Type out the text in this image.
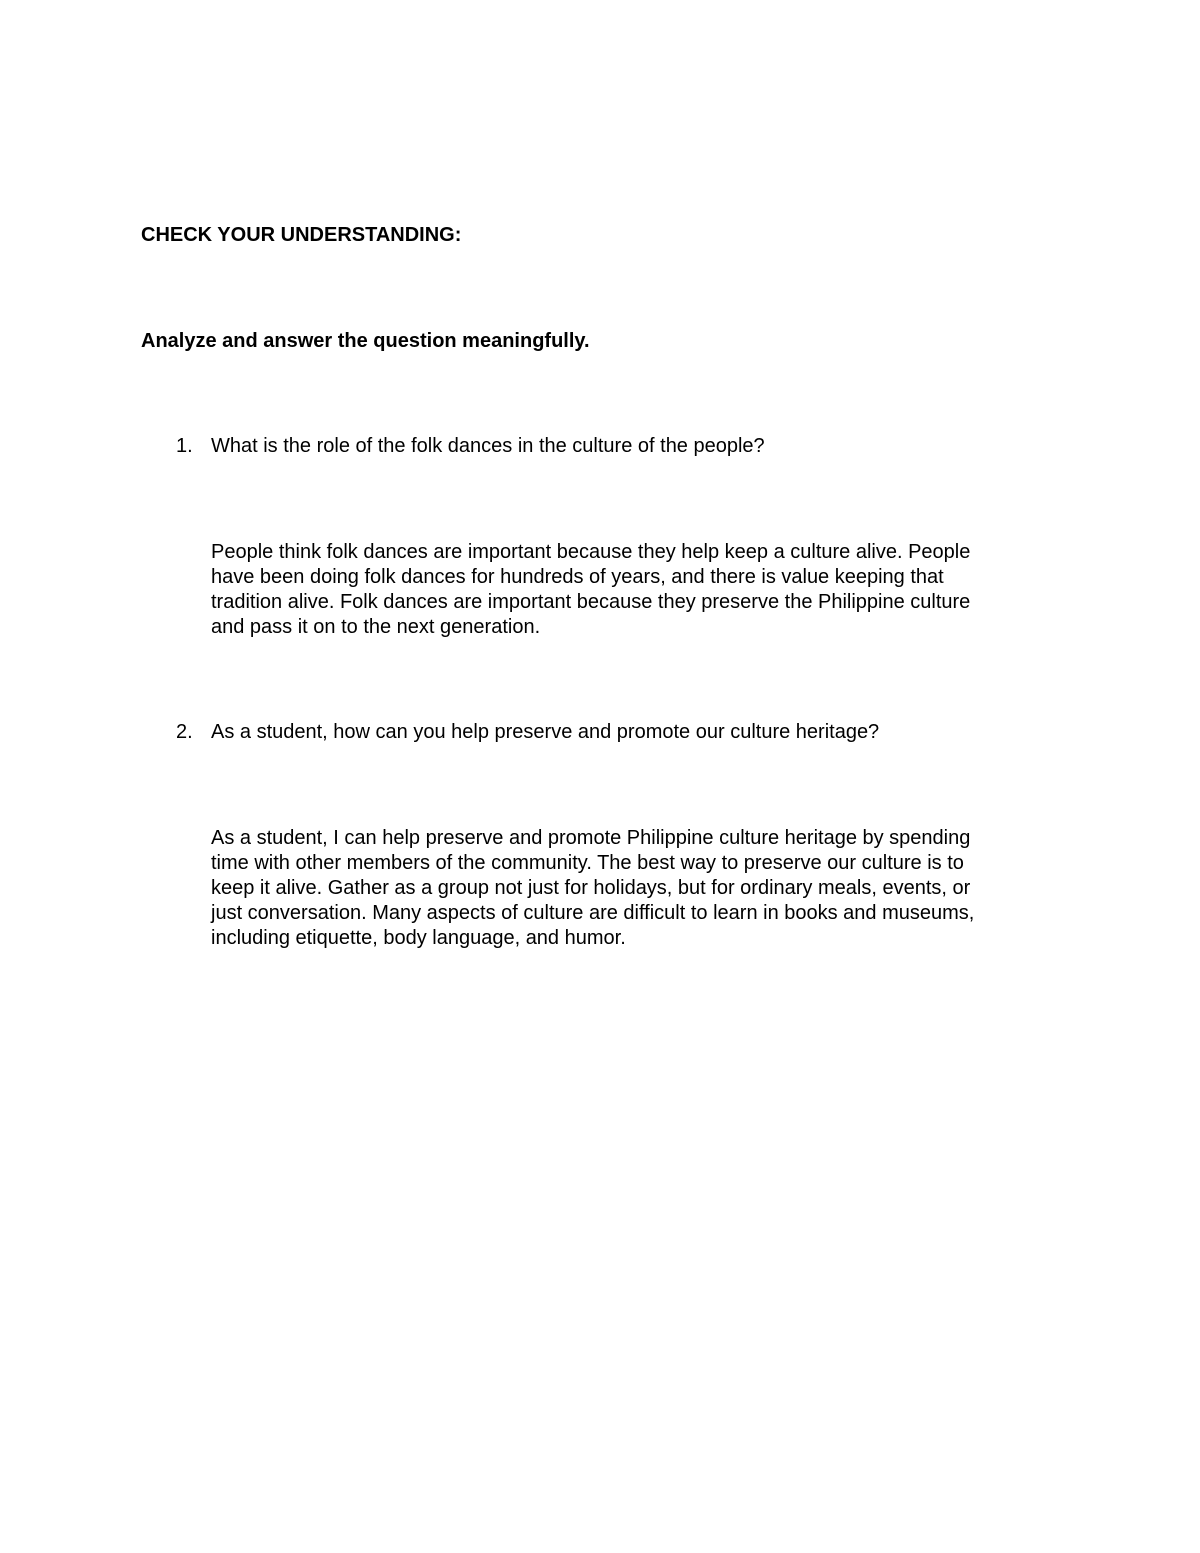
CHECK YOUR UNDERSTANDING:

Analyze and answer the question meaningfully.

1. What is the role of the folk dances in the culture of the people?

People think folk dances are important because they help keep a culture alive. People
have been doing folk dances for hundreds of years, and there is value keeping that
tradition alive. Folk dances are important because they preserve the Philippine culture
and pass it on to the next generation.

2. As a student, how can you help preserve and promote our culture heritage?

As a student, I can help preserve and promote Philippine culture heritage by spending
time with other members of the community. The best way to preserve our culture is to
keep it alive. Gather as a group not just for holidays, but for ordinary meals, events, or
just conversation. Many aspects of culture are difficult to learn in books and museums,
including etiquette, body language, and humor.
